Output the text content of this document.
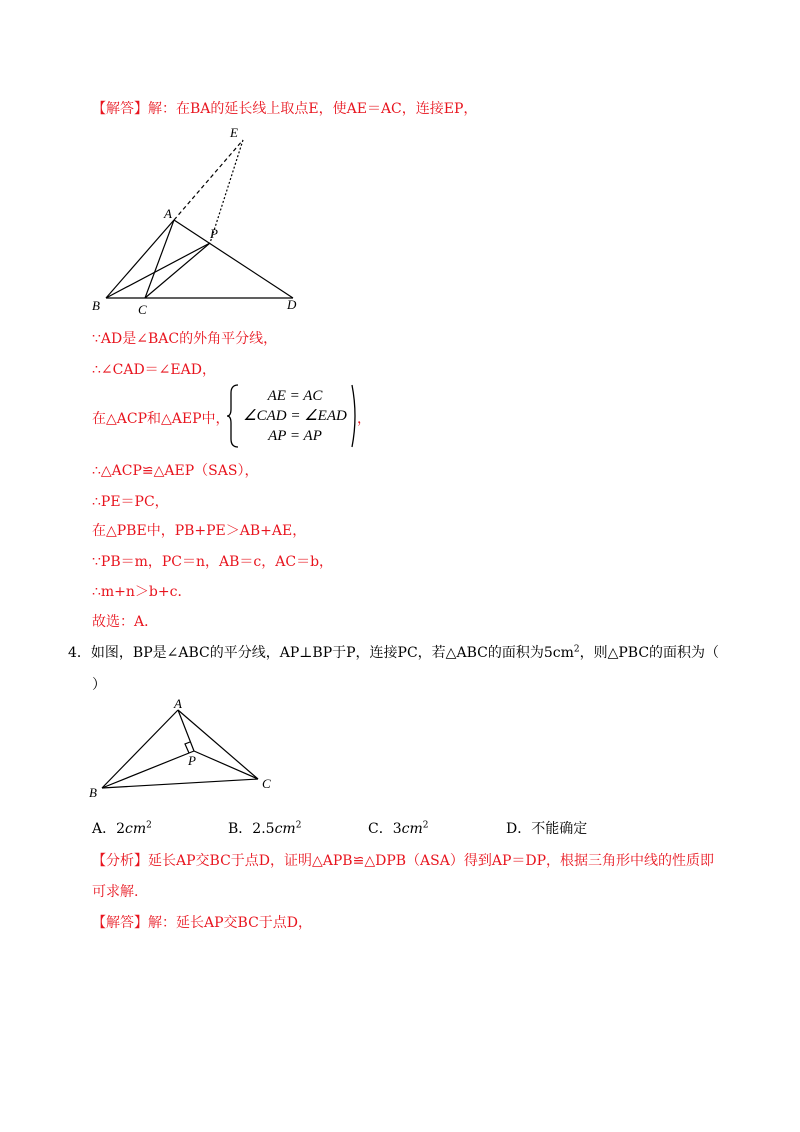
【解答】解：在BA的延长线上取点E，使AE＝AC，连接EP，
E
A
P
B	C	D
∵AD是∠BAC的外角平分线，
∴∠CAD＝∠EAD，
在△ACP和△AEP中，
AE = AC
∠CAD = ∠EAD
AP = AP
，
∴△ACP≌△AEP（SAS），
∴PE＝PC，
在△PBE中，PB+PE＞AB+AE，
∵PB＝m，PC＝n，AB＝c，AC＝b，
∴m+n＞b+c．
故选：A．
4．如图，BP是∠ABC的平分线，AP⊥BP于P，连接PC，若△ABC的面积为$5cm^2$，则△PBC的面积为（
）
A
P
B
C
A．$2cm^2$	B．$2.5cm^2$	C．$3cm^2$	D．不能确定
【分析】延长AP交BC于点D，证明△APB≌△DPB（ASA）得到AP＝DP，根据三角形中线的性质即
可求解.
【解答】解：延长AP交BC于点D，
